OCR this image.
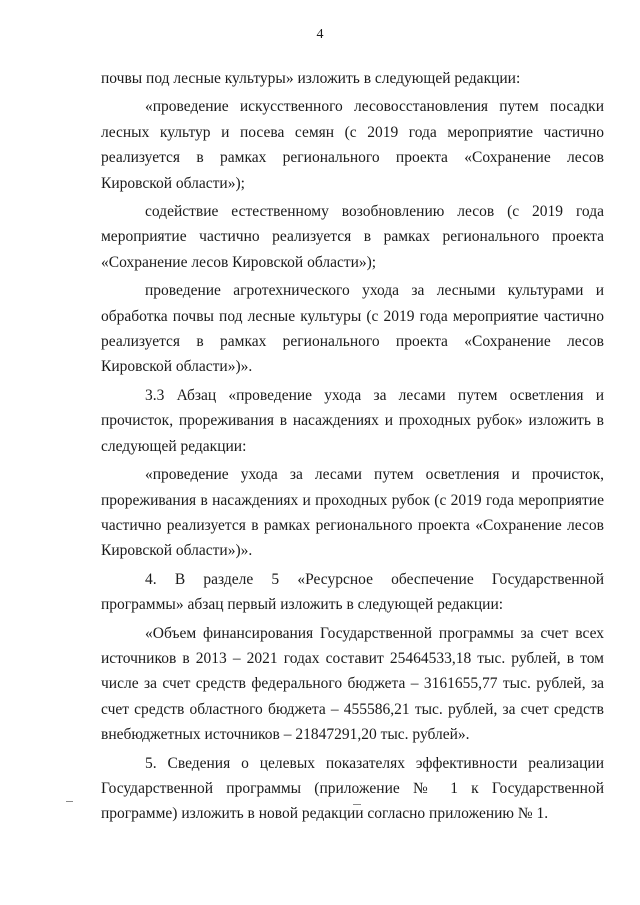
4

почвы под лесные культуры» изложить в следующей редакции:

«проведение искусственного лесовосстановления путем посадки лесных культур и посева семян (с 2019 года мероприятие частично реализуется в рамках регионального проекта «Сохранение лесов Кировской области»);

содействие естественному возобновлению лесов (с 2019 года мероприятие частично реализуется в рамках регионального проекта «Сохранение лесов Кировской области»);

проведение агротехнического ухода за лесными культурами и обработка почвы под лесные культуры (с 2019 года мероприятие частично реализуется в рамках регионального проекта «Сохранение лесов Кировской области»)».

3.3 Абзац «проведение ухода за лесами путем осветления и прочисток, прореживания в насаждениях и проходных рубок» изложить в следующей редакции:

«проведение ухода за лесами путем осветления и прочисток, прореживания в насаждениях и проходных рубок (с 2019 года мероприятие частично реализуется в рамках регионального проекта «Сохранение лесов Кировской области»)».

4. В разделе 5 «Ресурсное обеспечение Государственной программы» абзац первый изложить в следующей редакции:

«Объем финансирования Государственной программы за счет всех источников в 2013 – 2021 годах составит 25464533,18 тыс. рублей, в том числе за счет средств федерального бюджета – 3161655,77 тыс. рублей, за счет средств областного бюджета – 455586,21 тыс. рублей, за счет средств внебюджетных источников – 21847291,20 тыс. рублей».

5. Сведения о целевых показателях эффективности реализации Государственной программы (приложение № 1 к Государственной программе) изложить в новой редакции согласно приложению № 1.
